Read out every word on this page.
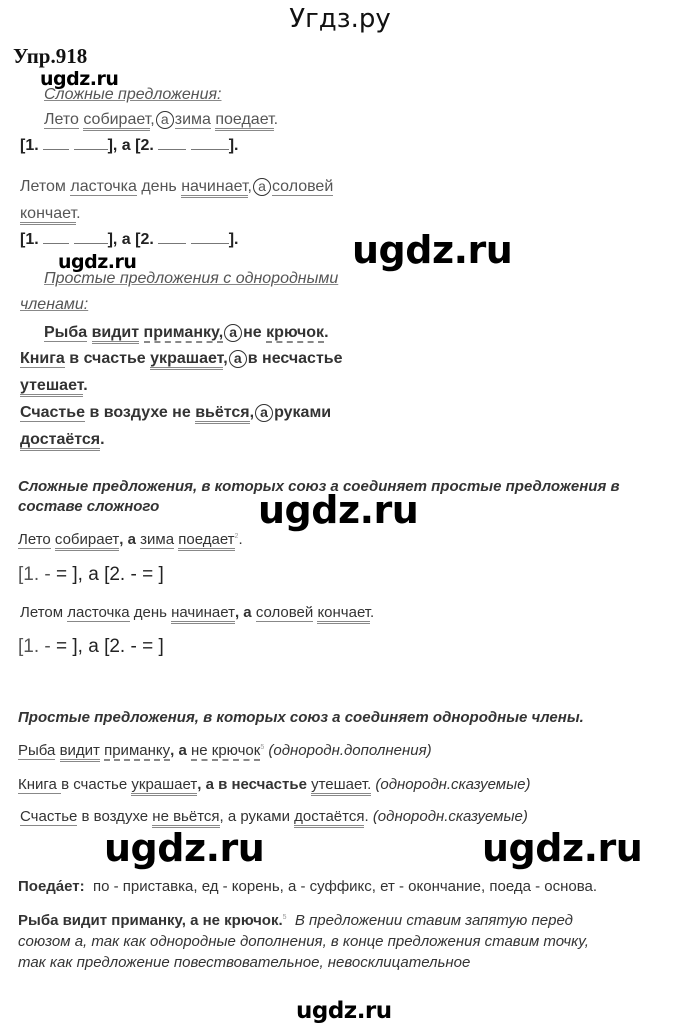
Угдз.ру
Упр.918
ugdz.ru
Сложные предложения:
Лето собирает, а зима поедает.
[1.	], а [2.	].
Летом ласточка день начинает, а соловей
кончает.
[1.	], а [2.	].	ugdz.ru
ugdz.ru
Простые предложения с однородными
членами:
Рыба видит приманку, а не крючок.
Книга в счастье украшает, а в несчастье
утешает.
Счастье в воздухе не вьётся, а руками
достаётся.
Сложные предложения, в которых союз а соединяет простые предложения в
составе сложного	ugdz.ru
Лето собирает, а зима поедает$^2$.
[1. - = ], а [2. - = ]
Летом ласточка день начинает, а соловей кончает.
[1. - = ], а [2. - = ]
Простые предложения, в которых союз а соединяет однородные члены.
Рыба видит приманку, а не крючок$^5$ (однородн.дополнения)
Книга в счастье украшает, а в несчастье утешает. (однородн.сказуемые)
Счастье в воздухе не вьётся, а руками достаётся. (однородн.сказуемые)
ugdz.ru	ugdz.ru
Поеда́ет: по - приставка, ед - корень, а - суффикс, ет - окончание, поеда - основа.
Рыба видит приманку, а не крючок.$^5$ В предложении ставим запятую перед союзом а, так как однородные дополнения, в конце предложения ставим точку, так как предложение повествовательное, невосклицательное
ugdz.ru
